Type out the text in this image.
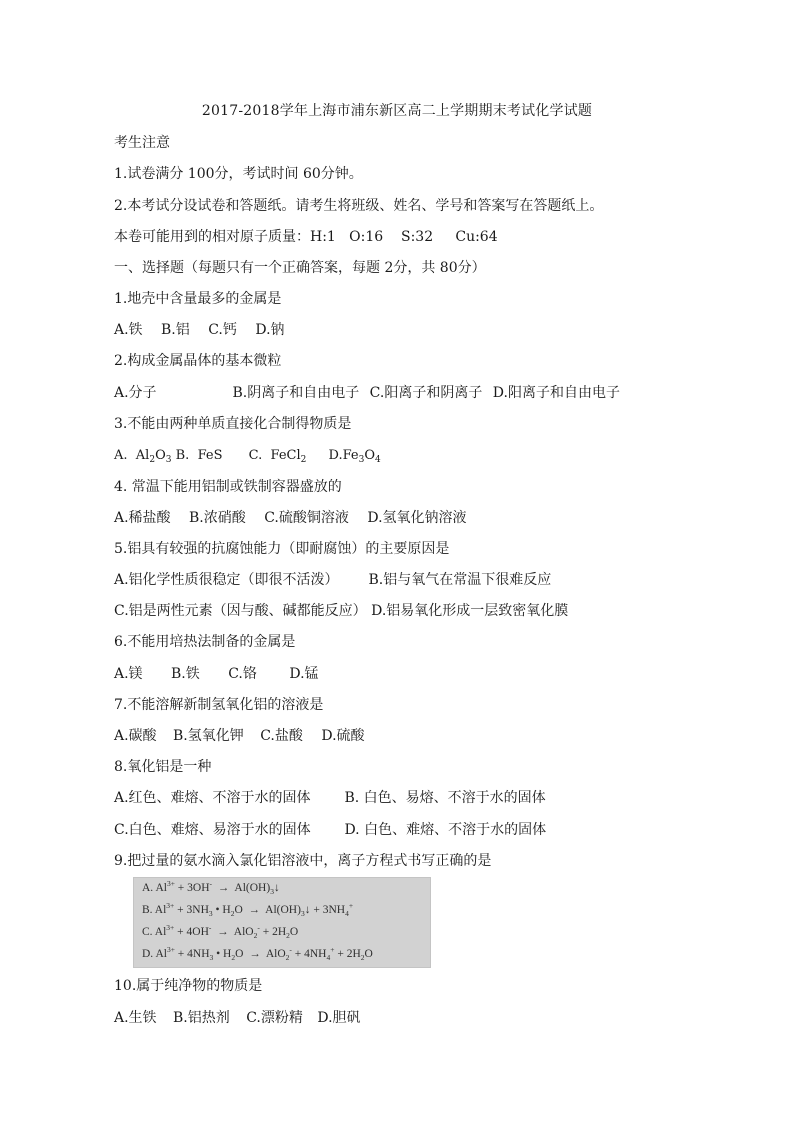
2017-2018学年上海市浦东新区高二上学期期末考试化学试题
考生注意
1.试卷满分 100分，考试时间 60分钟。
2.本考试分设试卷和答题纸。请考生将班级、姓名、学号和答案写在答题纸上。
本卷可能用到的相对原子质量：H:1   O:16    S:32     Cu:64
一、选择题（每题只有一个正确答案，每题 2分，共 80分）
1.地壳中含量最多的金属是
A.铁 B.铝 C.钙 D.钠
2.构成金属晶体的基本微粒
A.分子	B.阴离子和自由电子 C.阳离子和阴离子 D.阳离子和自由电子
3.不能由两种单质直接化合制得物质是
A. $Al_2O_3$ B. FeS C. FeCl$_2$ $D.Fe_3O_4$
4. 常温下能用铝制或铁制容器盛放的
A.稀盐酸 B.浓硝酸 C.硫酸铜溶液 D.氢氧化钠溶液
5.铝具有较强的抗腐蚀能力（即耐腐蚀）的主要原因是
A.铝化学性质很稳定（即很不活泼） B.铝与氧气在常温下很难反应
C.铝是两性元素（因与酸、碱都能反应） D.铝易氧化形成一层致密氧化膜
6.不能用培热法制备的金属是
A.镁 B.铁 C.铬 D.锰
7.不能溶解新制氢氧化铝的溶液是
A.碳酸 B.氢氧化钾 C.盐酸 D.硫酸
8.氧化铝是一种
A.红色、难熔、不溶于水的固体 B. 白色、易熔、不溶于水的固体
C.白色、难熔、易溶于水的固体 D. 白色、难熔、不溶于水的固体
9.把过量的氨水滴入氯化铝溶液中，离子方程式书写正确的是
A. $Al^{3+} + 3OH^-$ → $Al(OH)_3↓$
B. $Al^{3+} + 3NH_3$ • $H_2O$ → $Al(OH)_3↓ + 3NH_4^+$
C. $Al^{3+} + 4OH^- \to AlO_2^- + 2H_2O$
D. $Al^{3+} + 4NH_3$ • $H_2O \to AlO_2^- + 4NH_4^+ + 2H_2O$
10.属于纯净物的物质是
A.生铁 B.铝热剂 C.漂粉精 D.胆矾
